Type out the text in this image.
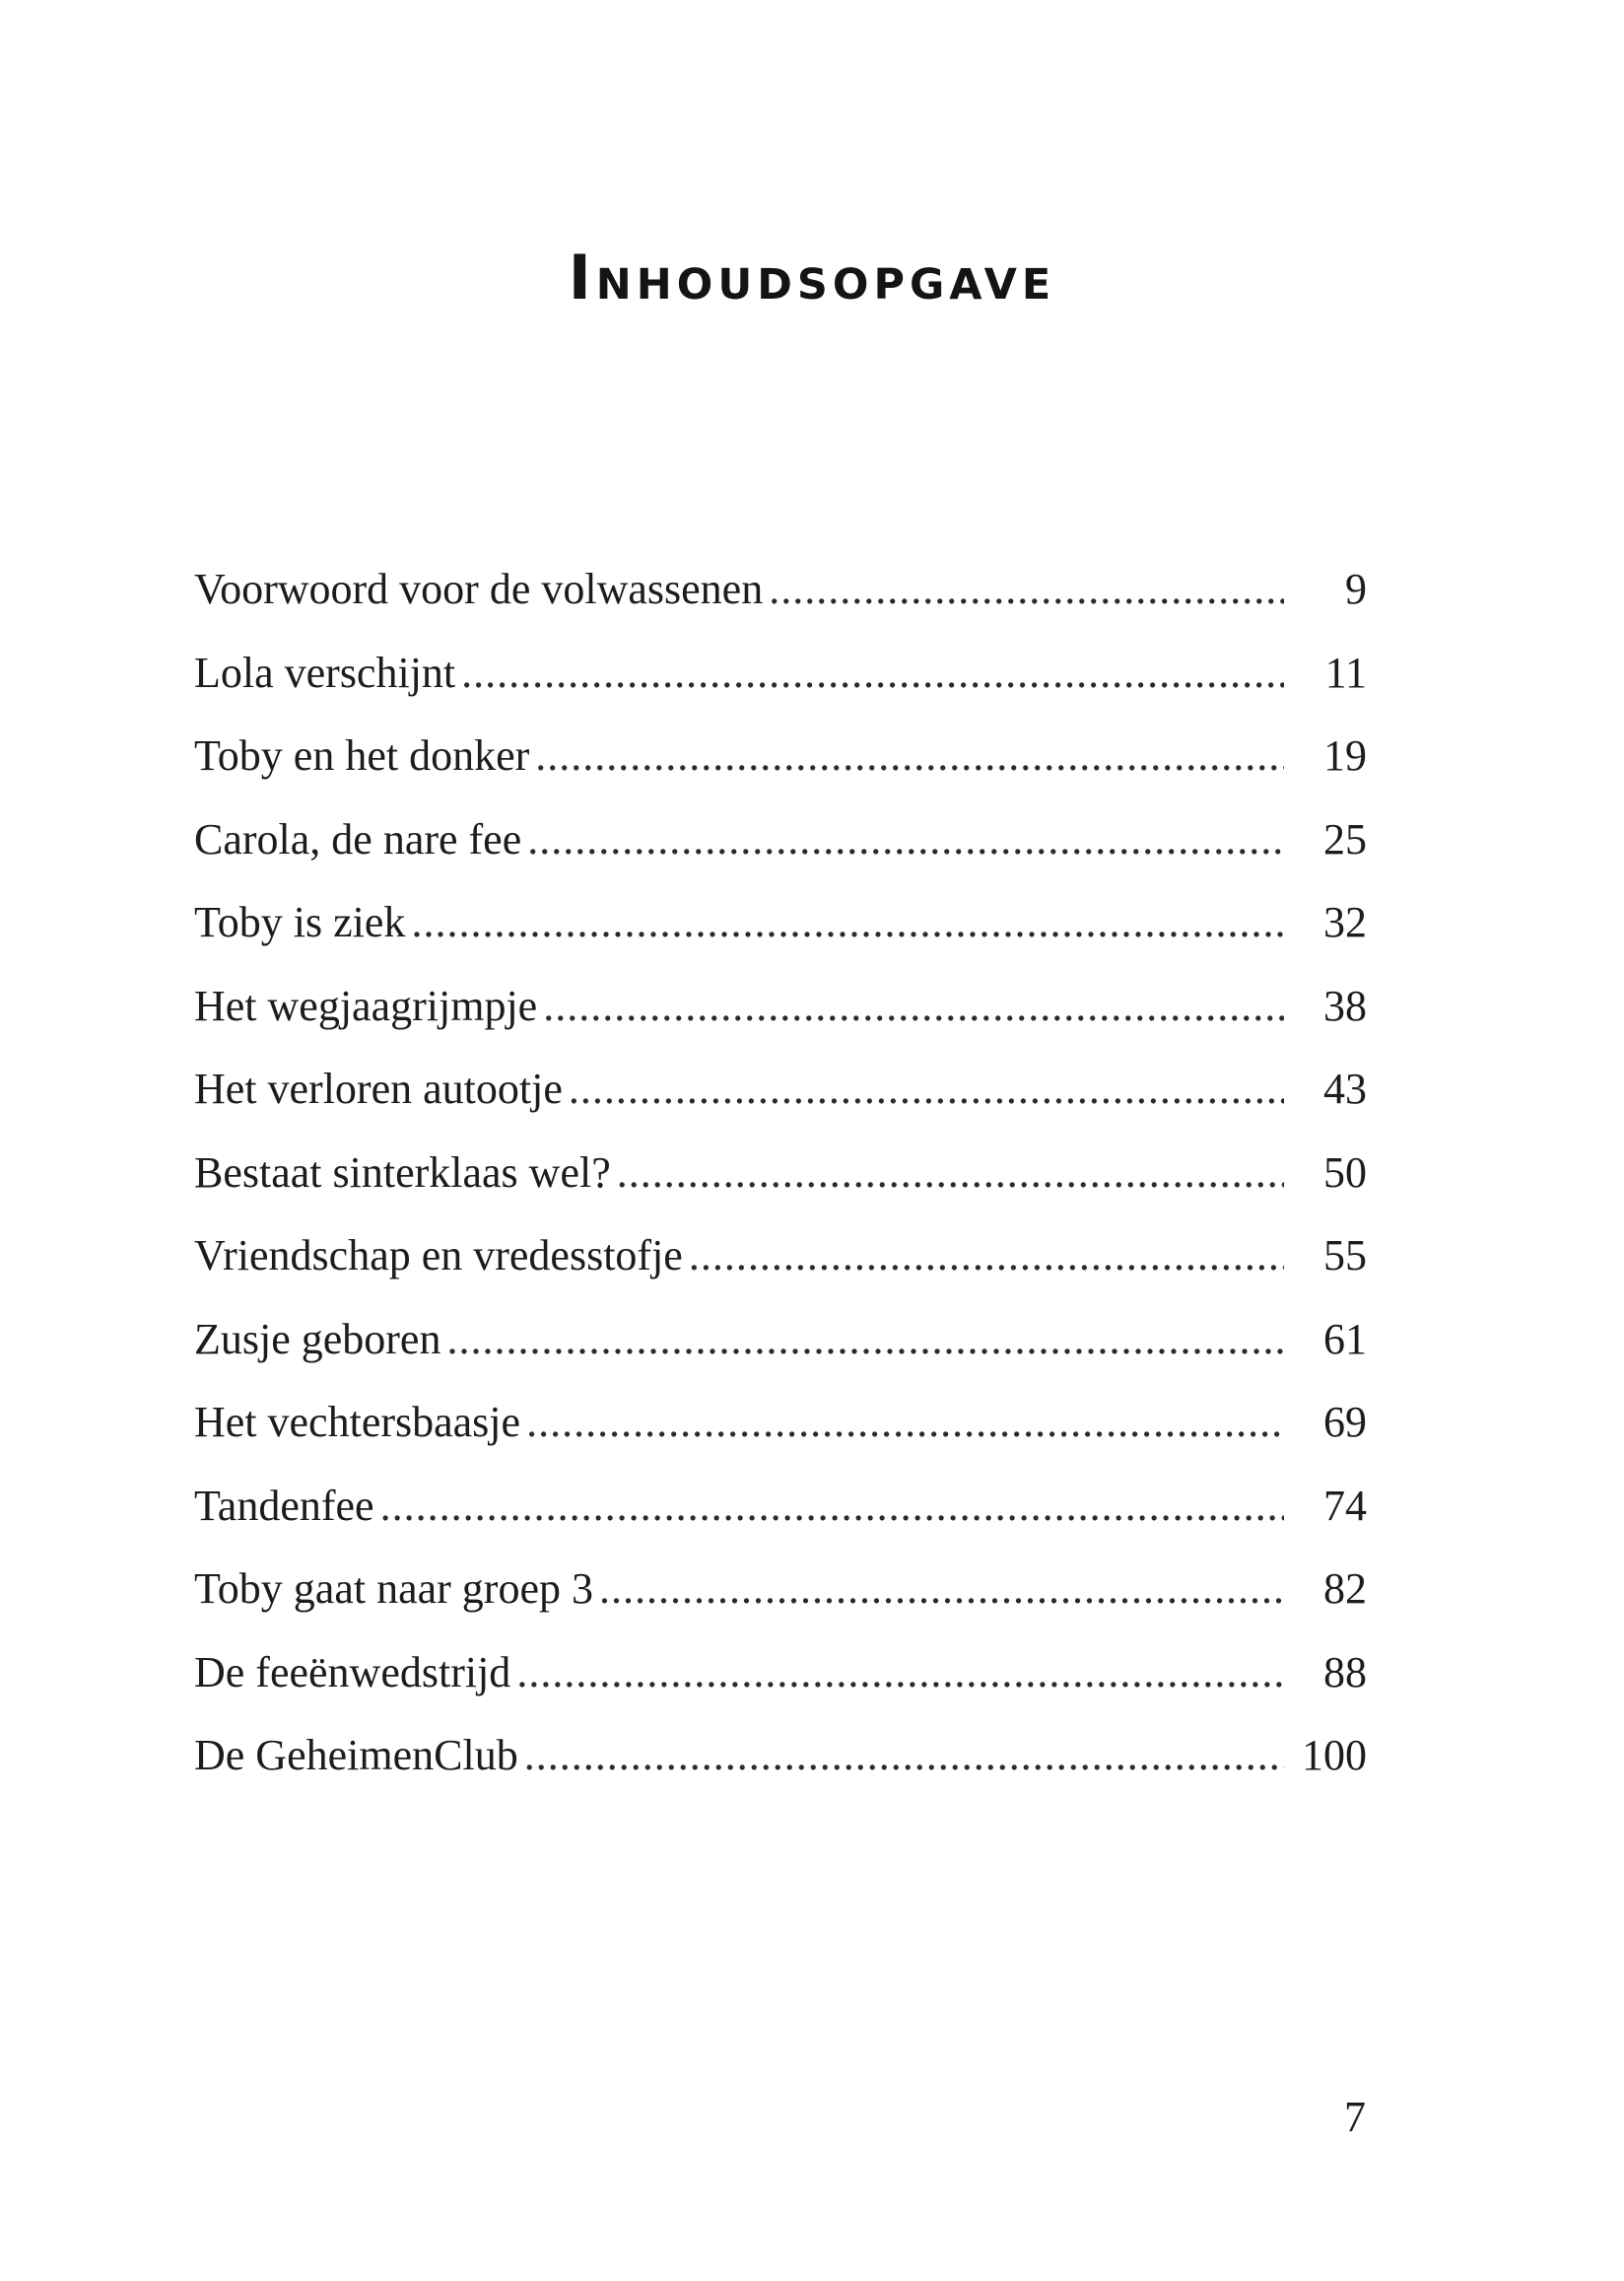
Inhoudsopgave
Voorwoord voor de volwassenen .....	9
Lola verschijnt .....	11
Toby en het donker .....	19
Carola, de nare fee .....	25
Toby is ziek .....	32
Het wegjaagrijmpje .....	38
Het verloren autootje .....	43
Bestaat sinterklaas wel? .....	50
Vriendschap en vredesstofje .....	55
Zusje geboren .....	61
Het vechtersbaasje .....	69
Tandenfee .....	74
Toby gaat naar groep 3 .....	82
De feeënwedstrijd .....	88
De GeheimenClub .....	100
7
